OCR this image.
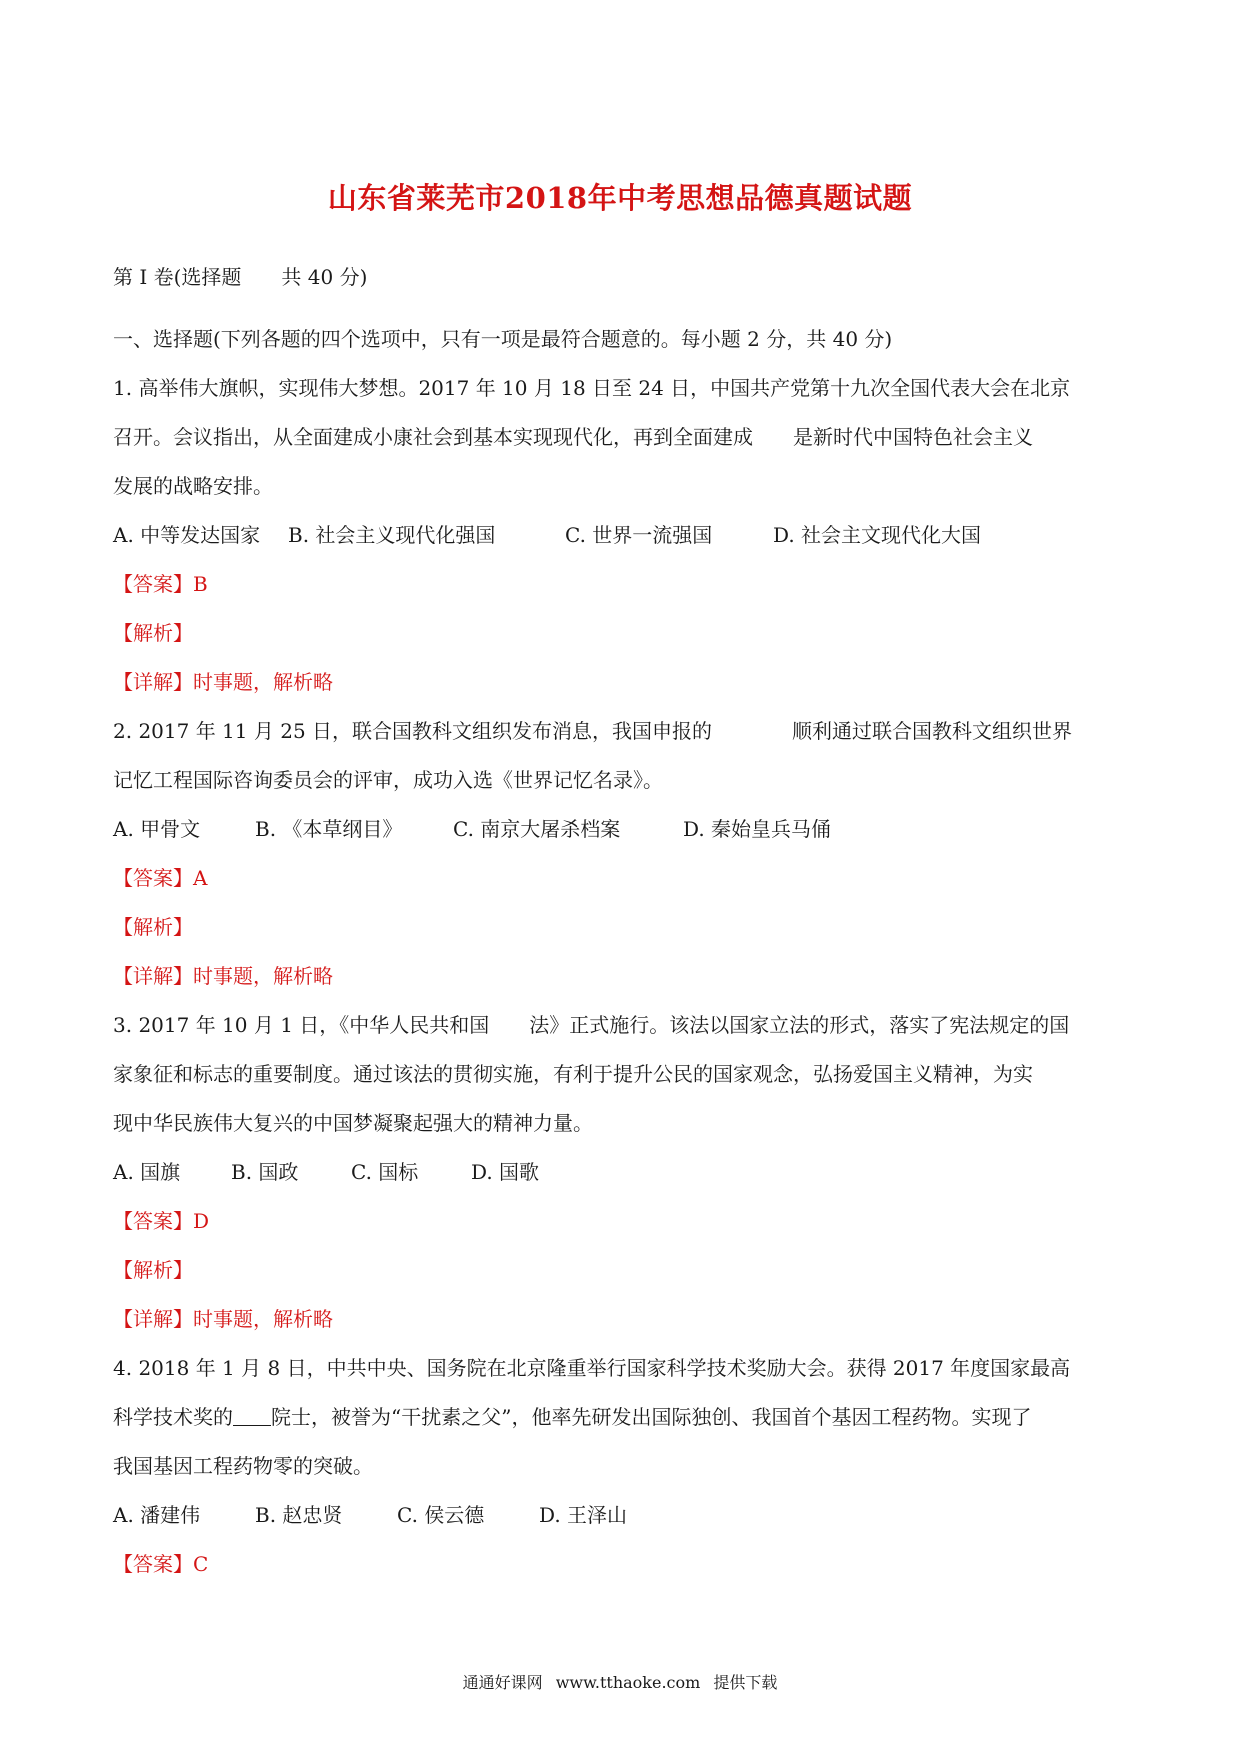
山东省莱芜市2018年中考思想品德真题试题
第 I 卷(选择题　　共 40 分)
一、选择题(下列各题的四个选项中，只有一项是最符合题意的。每小题 2 分，共 40 分)
1. 高举伟大旗帜，实现伟大梦想。2017 年 10 月 18 日至 24 日，中国共产党第十九次全国代表大会在北京
召开。会议指出，从全面建成小康社会到基本实现现代化，再到全面建成　　是新时代中国特色社会主义
发展的战略安排。
A. 中等发达国家 B. 社会主义现代化强国	C. 世界一流强国	D. 社会主文现代化大国
【答案】B
【解析】
【详解】时事题，解析略
2. 2017 年 11 月 25 日，联合国教科文组织发布消息，我国申报的　　　　顺利通过联合国教科文组织世界
记忆工程国际咨询委员会的评审，成功入选《世界记忆名录》。
A. 甲骨文	B. 《本草纲目》	C. 南京大屠杀档案	D. 秦始皇兵马俑
【答案】A
【解析】
【详解】时事题，解析略
3. 2017 年 10 月 1 日，《中华人民共和国　　法》正式施行。该法以国家立法的形式，落实了宪法规定的国
家象征和标志的重要制度。通过该法的贯彻实施，有利于提升公民的国家观念，弘扬爱国主义精神，为实
现中华民族伟大复兴的中国梦凝聚起强大的精神力量。
A. 国旗	B. 国政	C. 国标	D. 国歌
【答案】D
【解析】
【详解】时事题，解析略
4. 2018 年 1 月 8 日，中共中央、国务院在北京隆重举行国家科学技术奖励大会。获得 2017 年度国家最高
科学技术奖的 院士，被誉为“干扰素之父”，他率先研发出国际独创、我国首个基因工程药物。实现了
我国基因工程药物零的突破。
A. 潘建伟	B. 赵忠贤	C. 侯云德	D. 王泽山
【答案】C
通通好课网 www.tthaoke.com 提供下载
